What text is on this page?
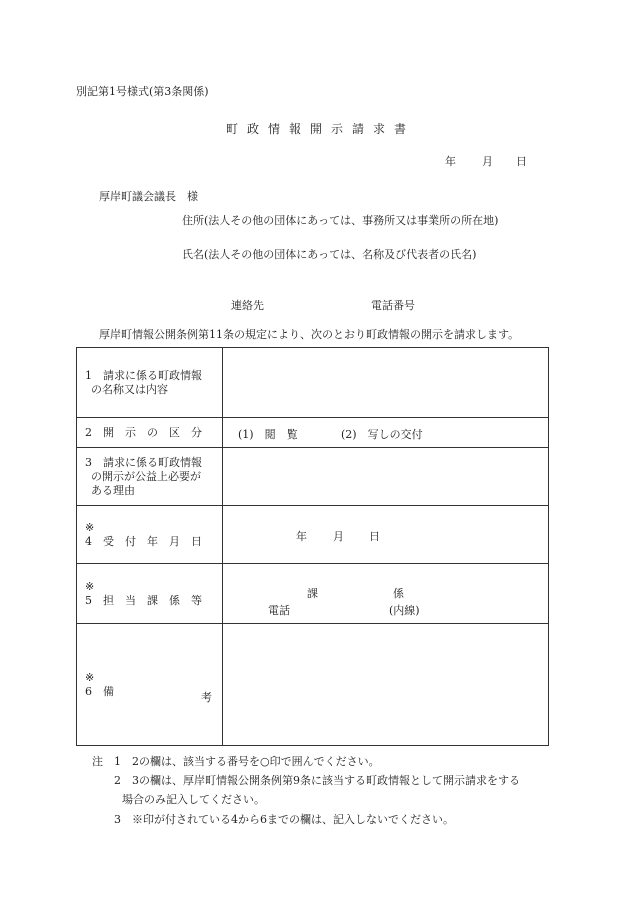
別記第1号様式(第3条関係)
町政情報開示請求書
年 月 日
厚岸町議会議長　様
住所(法人その他の団体にあっては、事務所又は事業所の所在地)
氏名(法人その他の団体にあっては、名称及び代表者の氏名)
連絡先	電話番号
厚岸町情報公開条例第11条の規定により、次のとおり町政情報の開示を請求します。
1　請求に係る町政情報
の名称又は内容	

2　開　示　の　区　分	(1)　閲　覧 (2)　写しの交付

3　請求に係る町政情報
の開示が公益上必要が
ある理由	

※
4　受　付　年　月　日	年 月 日

※
5　担　当　課　係　等	課 係
電話 (内線)

※
6　備 考	

注 1　2の欄は、該当する番号を○印で囲んでください。
2　3の欄は、厚岸町情報公開条例第9条に該当する町政情報として開示請求をする
場合のみ記入してください。
3　※印が付されている4から6までの欄は、記入しないでください。
